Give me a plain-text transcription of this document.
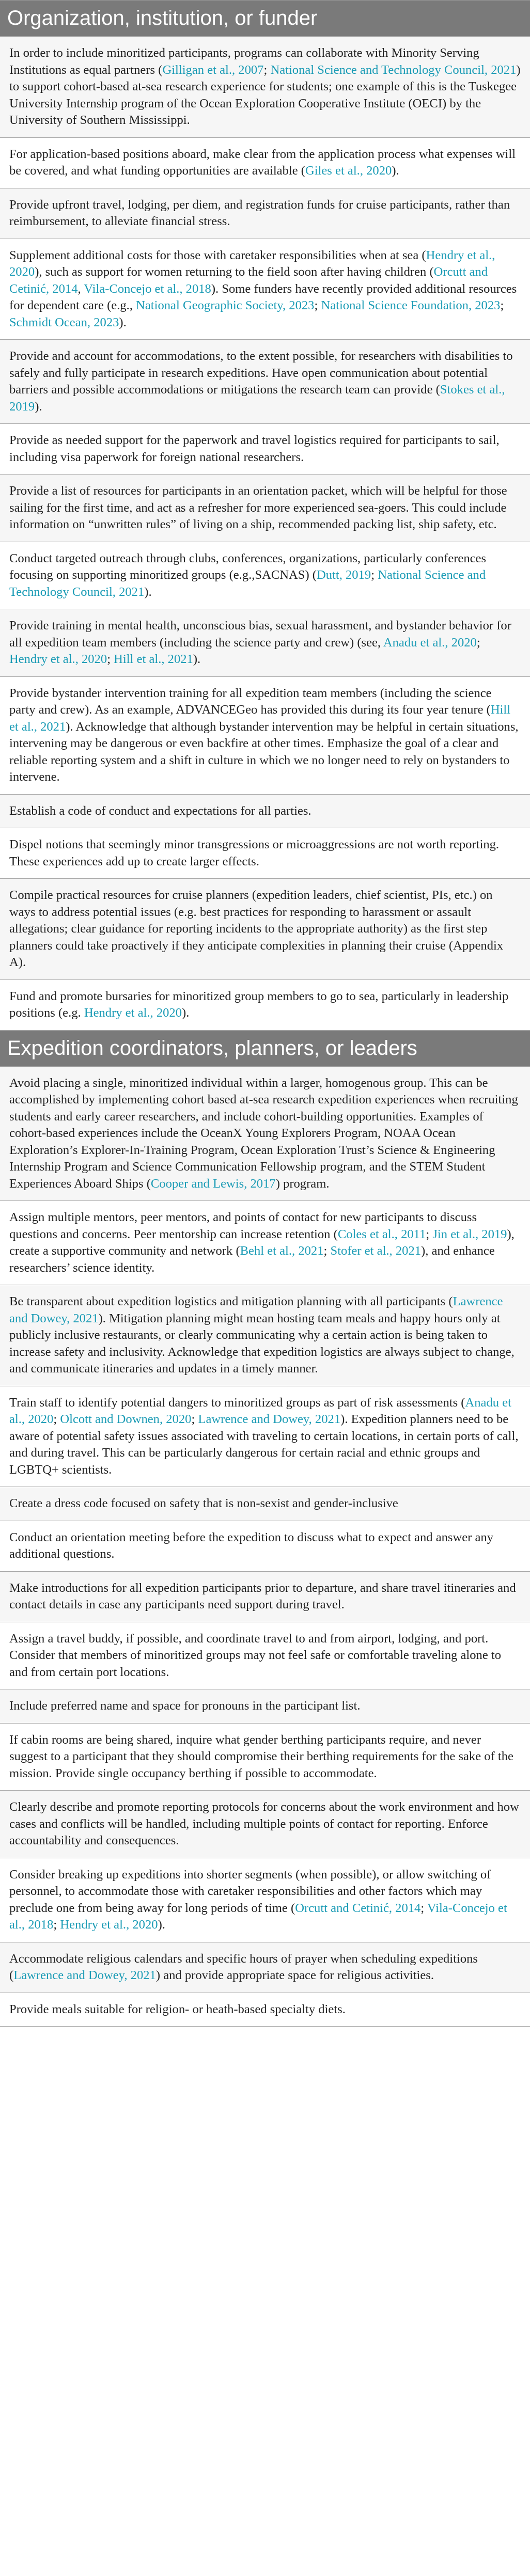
Organization, institution, or funder
In order to include minoritized participants, programs can collaborate with Minority Serving Institutions as equal partners (Gilligan et al., 2007; National Science and Technology Council, 2021) to support cohort-based at-sea research experience for students; one example of this is the Tuskegee University Internship program of the Ocean Exploration Cooperative Institute (OECI) by the University of Southern Mississippi.
For application-based positions aboard, make clear from the application process what expenses will be covered, and what funding opportunities are available (Giles et al., 2020).
Provide upfront travel, lodging, per diem, and registration funds for cruise participants, rather than reimbursement, to alleviate financial stress.
Supplement additional costs for those with caretaker responsibilities when at sea (Hendry et al., 2020), such as support for women returning to the field soon after having children (Orcutt and Cetinić, 2014, Vila-Concejo et al., 2018). Some funders have recently provided additional resources for dependent care (e.g., National Geographic Society, 2023; National Science Foundation, 2023; Schmidt Ocean, 2023).
Provide and account for accommodations, to the extent possible, for researchers with disabilities to safely and fully participate in research expeditions. Have open communication about potential barriers and possible accommodations or mitigations the research team can provide (Stokes et al., 2019).
Provide as needed support for the paperwork and travel logistics required for participants to sail, including visa paperwork for foreign national researchers.
Provide a list of resources for participants in an orientation packet, which will be helpful for those sailing for the first time, and act as a refresher for more experienced sea-goers. This could include information on “unwritten rules” of living on a ship, recommended packing list, ship safety, etc.
Conduct targeted outreach through clubs, conferences, organizations, particularly conferences focusing on supporting minoritized groups (e.g.,SACNAS) (Dutt, 2019; National Science and Technology Council, 2021).
Provide training in mental health, unconscious bias, sexual harassment, and bystander behavior for all expedition team members (including the science party and crew) (see, Anadu et al., 2020; Hendry et al., 2020; Hill et al., 2021).
Provide bystander intervention training for all expedition team members (including the science party and crew). As an example, ADVANCEGeo has provided this during its four year tenure (Hill et al., 2021). Acknowledge that although bystander intervention may be helpful in certain situations, intervening may be dangerous or even backfire at other times. Emphasize the goal of a clear and reliable reporting system and a shift in culture in which we no longer need to rely on bystanders to intervene.
Establish a code of conduct and expectations for all parties.
Dispel notions that seemingly minor transgressions or microaggressions are not worth reporting. These experiences add up to create larger effects.
Compile practical resources for cruise planners (expedition leaders, chief scientist, PIs, etc.) on ways to address potential issues (e.g. best practices for responding to harassment or assault allegations; clear guidance for reporting incidents to the appropriate authority) as the first step planners could take proactively if they anticipate complexities in planning their cruise (Appendix A).
Fund and promote bursaries for minoritized group members to go to sea, particularly in leadership positions (e.g. Hendry et al., 2020).
Expedition coordinators, planners, or leaders
Avoid placing a single, minoritized individual within a larger, homogenous group. This can be accomplished by implementing cohort based at-sea research expedition experiences when recruiting students and early career researchers, and include cohort-building opportunities. Examples of cohort-based experiences include the OceanX Young Explorers Program, NOAA Ocean Exploration’s Explorer-In-Training Program, Ocean Exploration Trust’s Science & Engineering Internship Program and Science Communication Fellowship program, and the STEM Student Experiences Aboard Ships (Cooper and Lewis, 2017) program.
Assign multiple mentors, peer mentors, and points of contact for new participants to discuss questions and concerns. Peer mentorship can increase retention (Coles et al., 2011; Jin et al., 2019), create a supportive community and network (Behl et al., 2021; Stofer et al., 2021), and enhance researchers’ science identity.
Be transparent about expedition logistics and mitigation planning with all participants (Lawrence and Dowey, 2021). Mitigation planning might mean hosting team meals and happy hours only at publicly inclusive restaurants, or clearly communicating why a certain action is being taken to increase safety and inclusivity. Acknowledge that expedition logistics are always subject to change, and communicate itineraries and updates in a timely manner.
Train staff to identify potential dangers to minoritized groups as part of risk assessments (Anadu et al., 2020; Olcott and Downen, 2020; Lawrence and Dowey, 2021). Expedition planners need to be aware of potential safety issues associated with traveling to certain locations, in certain ports of call, and during travel. This can be particularly dangerous for certain racial and ethnic groups and LGBTQ+ scientists.
Create a dress code focused on safety that is non-sexist and gender-inclusive
Conduct an orientation meeting before the expedition to discuss what to expect and answer any additional questions.
Make introductions for all expedition participants prior to departure, and share travel itineraries and contact details in case any participants need support during travel.
Assign a travel buddy, if possible, and coordinate travel to and from airport, lodging, and port. Consider that members of minoritized groups may not feel safe or comfortable traveling alone to and from certain port locations.
Include preferred name and space for pronouns in the participant list.
If cabin rooms are being shared, inquire what gender berthing participants require, and never suggest to a participant that they should compromise their berthing requirements for the sake of the mission. Provide single occupancy berthing if possible to accommodate.
Clearly describe and promote reporting protocols for concerns about the work environment and how cases and conflicts will be handled, including multiple points of contact for reporting. Enforce accountability and consequences.
Consider breaking up expeditions into shorter segments (when possible), or allow switching of personnel, to accommodate those with caretaker responsibilities and other factors which may preclude one from being away for long periods of time (Orcutt and Cetinić, 2014; Vila-Concejo et al., 2018; Hendry et al., 2020).
Accommodate religious calendars and specific hours of prayer when scheduling expeditions (Lawrence and Dowey, 2021) and provide appropriate space for religious activities.
Provide meals suitable for religion- or heath-based specialty diets.
